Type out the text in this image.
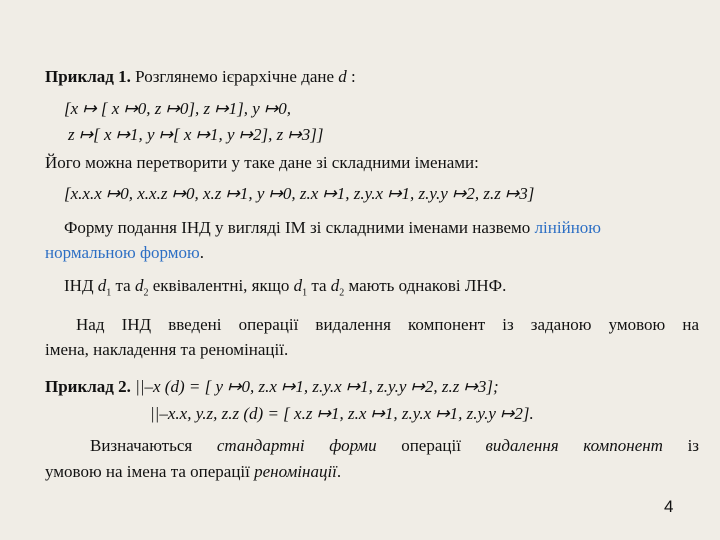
Приклад 1. Розглянемо ієрархічне дане d :
[x ↦ [ x ↦0, z ↦0], z ↦1], y ↦0,
z ↦[ x ↦1, y ↦[ x ↦1, y ↦2], z ↦3]]
Його можна перетворити у таке дане зі складними іменами:
[x.x.x ↦0, x.x.z ↦0, x.z ↦1, y ↦0, z.x ↦1, z.y.x ↦1, z.y.y ↦2, z.z ↦3]
Форму подання ІНД у вигляді ІМ зі складними іменами назвемо лінійною
нормальною формою.
ІНД $d_1$ та $d_2$ еквівалентні, якщо $d_1$ та $d_2$ мають однакові ЛНФ.
Над ІНД введені операції видалення компонент із заданою умовою на
імена, накладення та реномінації.
Приклад 2. ||–x (d) = [ y ↦0, z.x ↦1, z.y.x ↦1, z.y.y ↦2, z.z ↦3];
||–x.x, y.z, z.z (d) = [ x.z ↦1, z.x ↦1, z.y.x ↦1, z.y.y ↦2].
Визначаються стандартні форми операції видалення компонент із
умовою на імена та операції реномінації.
4
